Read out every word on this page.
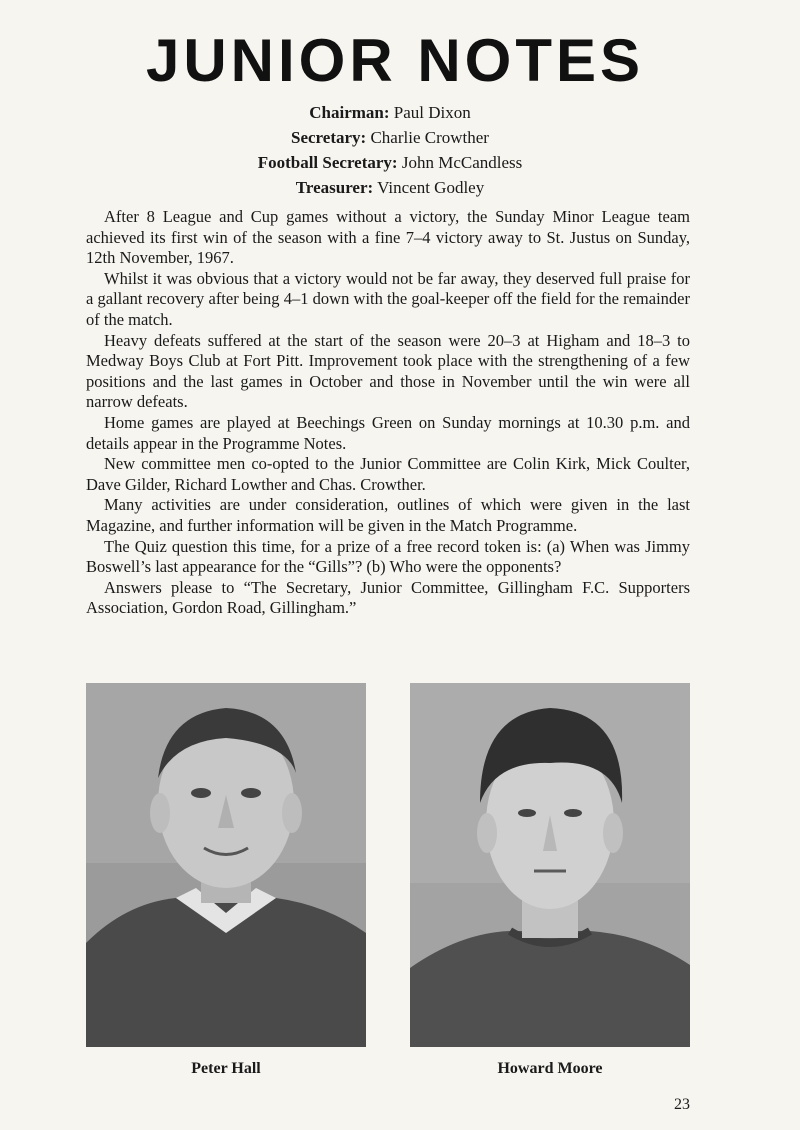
JUNIOR NOTES
Chairman: Paul Dixon
Secretary: Charlie Crowther
Football Secretary: John McCandless
Treasurer: Vincent Godley

After 8 League and Cup games without a victory, the Sunday Minor League team achieved its first win of the season with a fine 7–4 victory away to St. Justus on Sunday, 12th November, 1967.

Whilst it was obvious that a victory would not be far away, they deserved full praise for a gallant recovery after being 4–1 down with the goal-keeper off the field for the remainder of the match.

Heavy defeats suffered at the start of the season were 20–3 at Higham and 18–3 to Medway Boys Club at Fort Pitt. Improvement took place with the strengthening of a few positions and the last games in October and those in November until the win were all narrow defeats.

Home games are played at Beechings Green on Sunday mornings at 10.30 p.m. and details appear in the Programme Notes.

New committee men co-opted to the Junior Committee are Colin Kirk, Mick Coulter, Dave Gilder, Richard Lowther and Chas. Crowther.

Many activities are under consideration, outlines of which were given in the last Magazine, and further information will be given in the Match Programme.

The Quiz question this time, for a prize of a free record token is: (a) When was Jimmy Boswell’s last appearance for the “Gills”? (b) Who were the opponents?

Answers please to “The Secretary, Junior Committee, Gillingham F.C. Supporters Association, Gordon Road, Gillingham.”

Peter Hall	Howard Moore
23
